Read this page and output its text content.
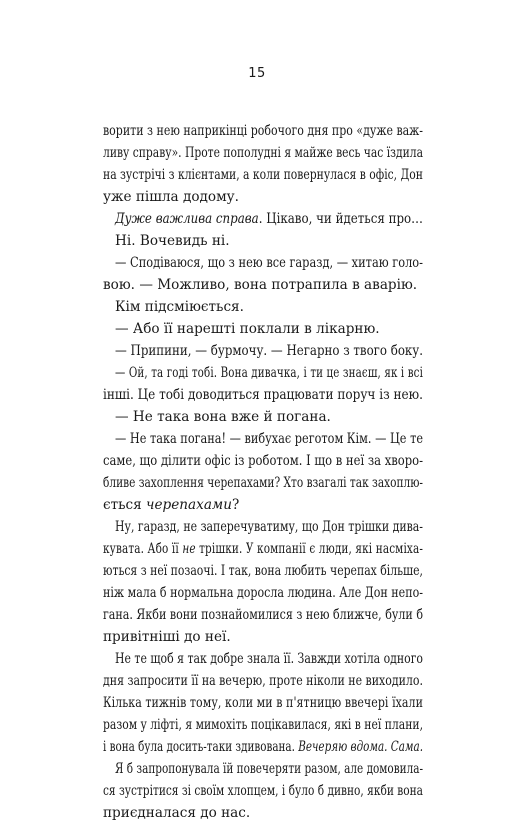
15
ворити з нею наприкінці робочого дня про «дуже важ-
ливу справу». Проте пополудні я майже весь час їздила
на зустрічі з клієнтами, а коли повернулася в офіс, Дон
уже пішла додому.
Дуже важлива справа. Цікаво, чи йдеться про…
Ні. Вочевидь ні.
— Сподіваюся, що з нею все гаразд, — хитаю голо-
вою. — Можливо, вона потрапила в аварію.
Кім підсміюється.
— Або її нарешті поклали в лікарню.
— Припини, — бурмочу. — Негарно з твого боку.
— Ой, та годі тобі. Вона дивачка, і ти це знаєш, як і всі
інші. Це тобі доводиться працювати поруч із нею.
— Не така вона вже й погана.
— Не така погана! — вибухає реготом Кім. — Це те
саме, що ділити офіс із роботом. І що в неї за хворо-
бливе захоплення черепахами? Хто взагалі так захоплю-
ється черепахами?
Ну, гаразд, не заперечуватиму, що Дон трішки дива-
кувата. Або її не трішки. У компанії є люди, які насміха-
ються з неї позаочі. І так, вона любить черепах більше,
ніж мала б нормальна доросла людина. Але Дон непо-
гана. Якби вони познайомилися з нею ближче, були б
привітніші до неї.
Не те щоб я так добре знала її. Завжди хотіла одного
дня запросити її на вечерю, проте ніколи не виходило.
Кілька тижнів тому, коли ми в п'ятницю ввечері їхали
разом у ліфті, я мимохіть поцікавилася, які в неї плани,
і вона була досить-таки здивована. Вечеряю вдома. Сама.
Я б запропонувала їй повечеряти разом, але домовила-
ся зустрітися зі своїм хлопцем, і було б дивно, якби вона
приєдналася до нас.
